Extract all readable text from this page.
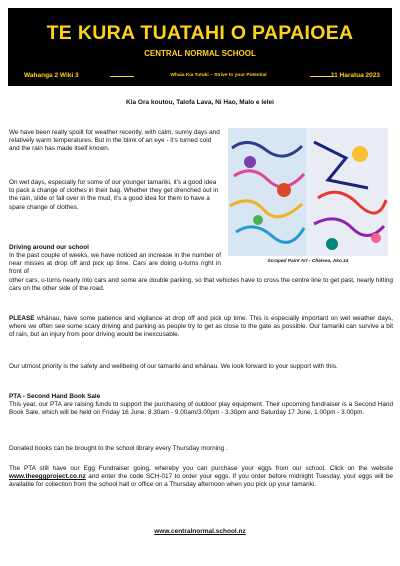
TE KURA TUATAHI O PAPAIOEA
CENTRAL NORMAL SCHOOL
Wahanga 2 Wiki 3	Whaia Kia Tutuki ~ Strive to your Potential	11 Haratua 2023
Kia Ora koutou, Talofa Lava, Ni Hao, Malo e lelei

We have been really spoilt for weather recently, with calm, sunny days and relatively warm temperatures. But in the blink of an eye - it's turned cold and the rain has made itself known.

On wet days, especially for some of our younger tamariki, it's a good idea to pack a change of clothes in their bag. Whether they get drenched out in the rain, slide or fall over in the mud, it's a good idea for them to have a spare change of clothes.

Scraped Paint Art - Chelsea, Ako.14
Driving around our school

In the past couple of weeks, we have noticed an increase in the number of near misses at drop off and pick up time. Cars are doing u-turns right in front of

other cars, u-turns nearly into cars and some are double parking, so that vehicles have to cross the centre line to get past, nearly hitting cars on the other side of the road.

PLEASE whānau, have some patience and vigilance at drop off and pick up time. This is especially important on wet weather days, where we often see some scary driving and parking as people try to get as close to the gate as possible. Our tamariki can survive a bit of rain, but an injury from poor driving would be inexcusable.

Our utmost priority is the safety and wellbeing of our tamariki and whānau. We look forward to your support with this.

PTA - Second Hand Book Sale

This year, our PTA are raising funds to support the purchasing of outdoor play equipment. Their upcoming fundraiser is a Second Hand Book Sale, which will be held on Friday 16 June, 8.30am - 9.00am/3.00pm - 3.30pm and Saturday 17 June, 1.00pm - 3.00pm.

Donated books can be brought to the school library every Thursday morning .

The PTA still have our Egg Fundraiser going, whereby you can purchase your eggs from our school. Click on the website www.theeggproject.co.nz and enter the code SCH-017 to order your eggs. If you order before midnight Tuesday, your eggs will be available for collection from the school hall or office on a Thursday afternoon when you pick up your tamariki.

www.centralnormal.school.nz
